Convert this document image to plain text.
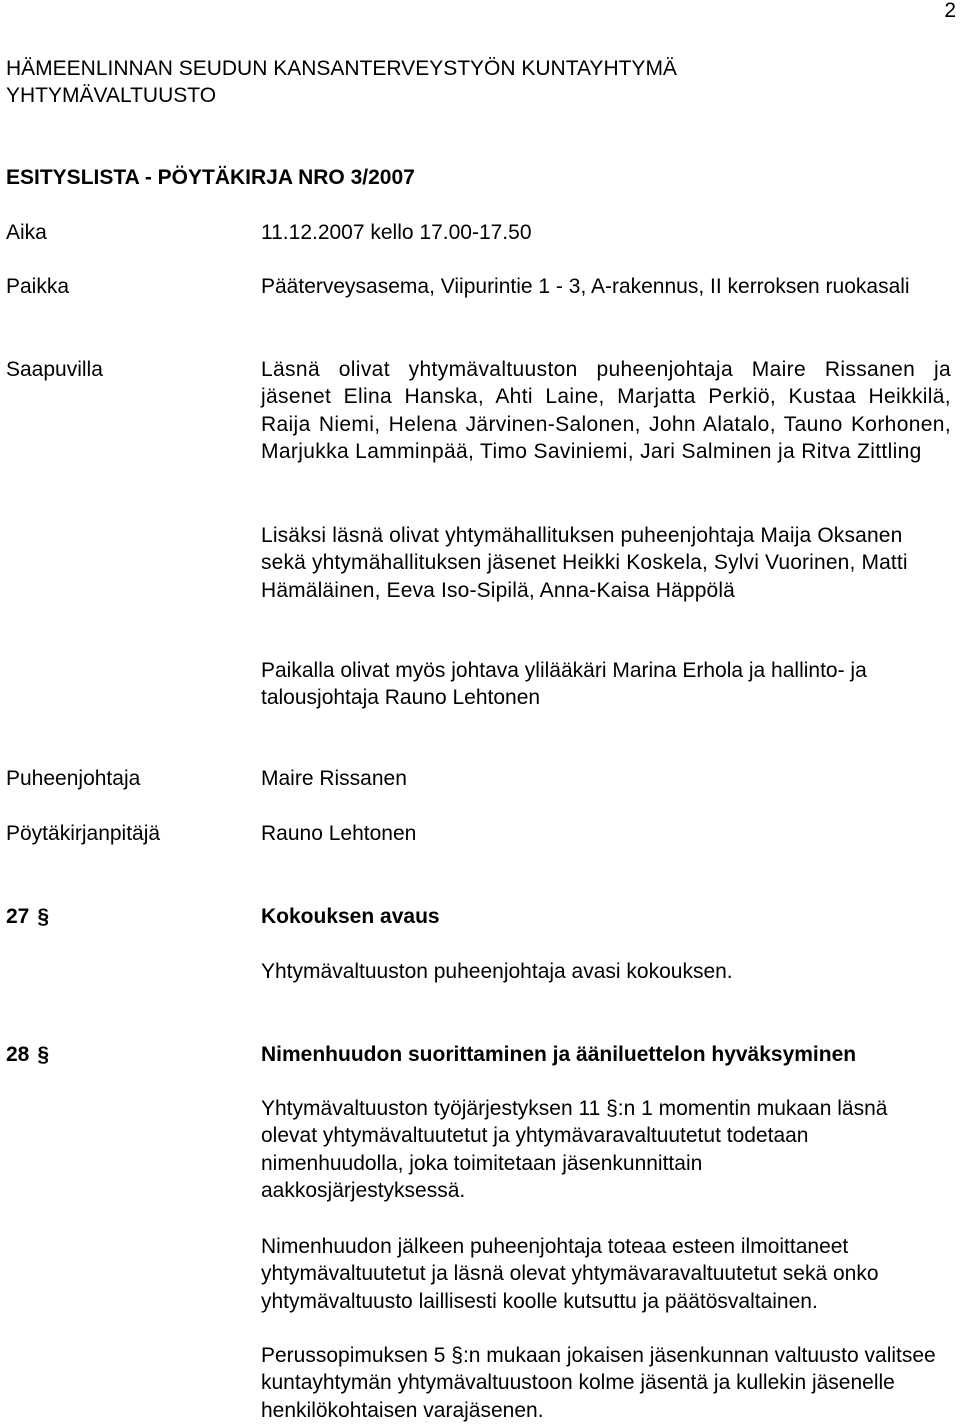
2
HÄMEENLINNAN SEUDUN KANSANTERVEYSTYÖN KUNTAYHTYMÄ
YHTYMÄVALTUUSTO
ESITYSLISTA - PÖYTÄKIRJA NRO 3/2007
Aika	11.12.2007 kello 17.00-17.50
Paikka	Pääterveysasema, Viipurintie 1 - 3, A-rakennus, II kerroksen ruokasali
Saapuvilla	Läsnä olivat yhtymävaltuuston puheenjohtaja Maire Rissanen ja jäsenet Elina Hanska, Ahti Laine, Marjatta Perkiö, Kustaa Heikkilä, Raija Niemi, Helena Järvinen-Salonen, John Alatalo, Tauno Korhonen, Marjukka Lamminpää, Timo Saviniemi, Jari Salminen ja Ritva Zittling
Lisäksi läsnä olivat yhtymähallituksen puheenjohtaja Maija Oksanen sekä yhtymähallituksen jäsenet Heikki Koskela, Sylvi Vuorinen, Matti Hämäläinen, Eeva Iso-Sipilä, Anna-Kaisa Häppölä
Paikalla olivat myös johtava ylilääkäri Marina Erhola ja hallinto- ja talousjohtaja Rauno Lehtonen
Puheenjohtaja	Maire Rissanen
Pöytäkirjanpitäjä	Rauno Lehtonen
27 §	Kokouksen avaus
Yhtymävaltuuston puheenjohtaja avasi kokouksen.
28 §	Nimenhuudon suorittaminen ja ääniluettelon hyväksyminen
Yhtymävaltuuston työjärjestyksen 11 §:n 1 momentin mukaan läsnä olevat yhtymävaltuutetut ja yhtymävaravaltuutetut todetaan nimenhuudolla, joka toimitetaan jäsenkunnittain aakkosjärjestyksessä.
Nimenhuudon jälkeen puheenjohtaja toteaa esteen ilmoittaneet yhtymävaltuutetut ja läsnä olevat yhtymävaravaltuutetut sekä onko yhtymävaltuusto laillisesti koolle kutsuttu ja päätösvaltainen.
Perussopimuksen 5 §:n mukaan jokaisen jäsenkunnan valtuusto valitsee kuntayhtymän yhtymävaltuustoon kolme jäsentä ja kullekin jäsenelle henkilökohtaisen varajäsenen.
